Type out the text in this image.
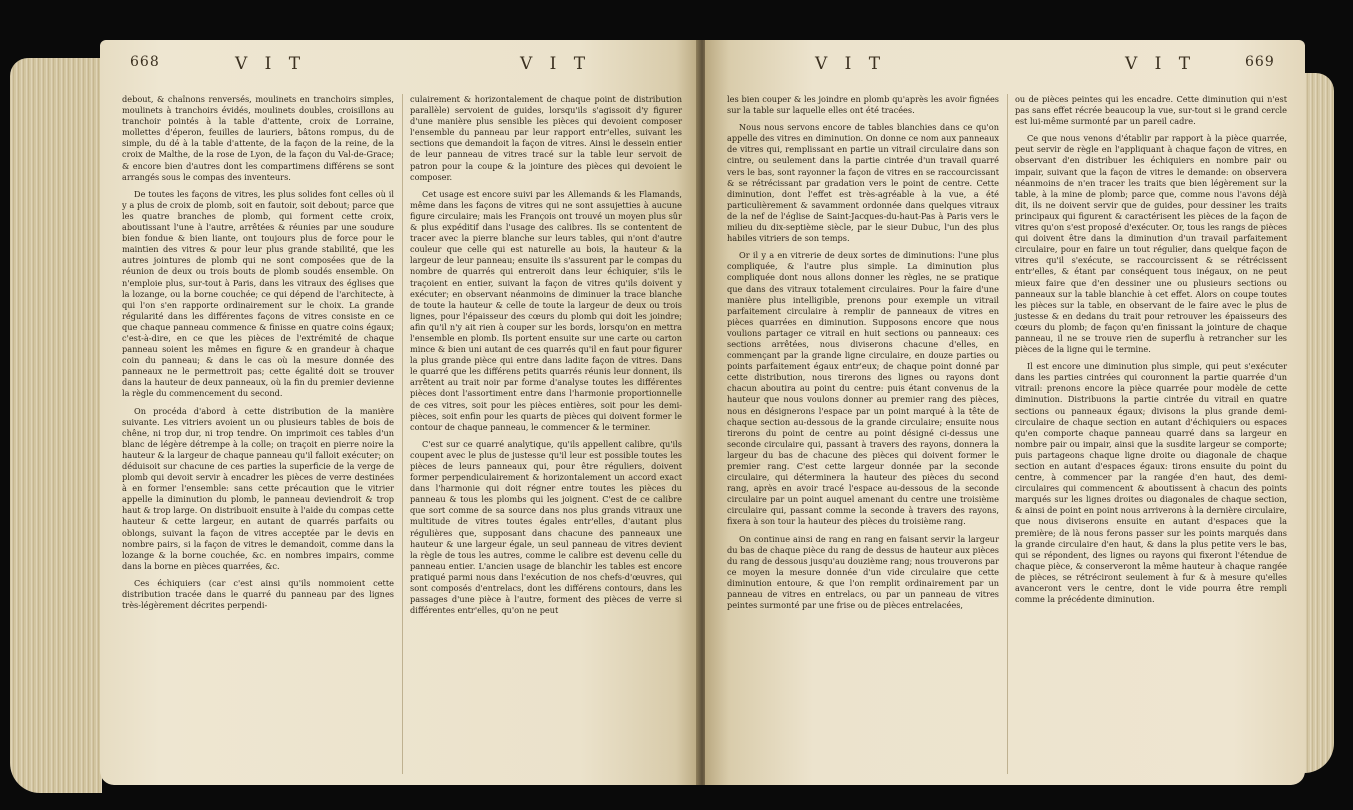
668	V I T	V I T

debout, & chaînons renversés, moulinets en tranchoirs simples, moulinets à tranchoirs évidés, moulinets doubles, croisillons au tranchoir pointés à la table d'attente, croix de Lorraine, mollettes d'éperon, feuilles de lauriers, bâtons rompus, du de simple, du dé à la table d'attente, de la façon de la reine, de la croix de Malthe, de la rose de Lyon, de la façon du Val-de-Grace; & encore bien d'autres dont les compartimens différens se sont arrangés sous le compas des inventeurs.

De toutes les façons de vitres, les plus solides font celles où il y a plus de croix de plomb, soit en fautoir, soit debout; parce que les quatre branches de plomb, qui forment cette croix, aboutissant l'une à l'autre, arrêtées & réunies par une soudure bien fondue & bien liante, ont toujours plus de force pour le maintien des vitres & pour leur plus grande stabilité, que les autres jointures de plomb qui ne sont composées que de la réunion de deux ou trois bouts de plomb soudés ensemble. On n'emploie plus, sur-tout à Paris, dans les vitraux des églises que la lozange, ou la borne couchée; ce qui dépend de l'architecte, à qui l'on s'en rapporte ordinairement sur le choix. La grande régularité dans les différentes façons de vitres consiste en ce que chaque panneau commence & finisse en quatre coins égaux; c'est-à-dire, en ce que les pièces de l'extrémité de chaque panneau soient les mêmes en figure & en grandeur à chaque coin du panneau; & dans le cas où la mesure donnée des panneaux ne le permettroit pas; cette égalité doit se trouver dans la hauteur de deux panneaux, où la fin du premier devienne la règle du commencement du second.

On procéda d'abord à cette distribution de la manière suivante. Les vitriers avoient un ou plusieurs tables de bois de chêne, ni trop dur, ni trop tendre. On imprimoit ces tables d'un blanc de légère détrempe à la colle; on traçoit en pierre noire la hauteur & la largeur de chaque panneau qu'il falloit exécuter; on déduisoit sur chacune de ces parties la superficie de la verge de plomb qui devoit servir à encadrer les pièces de verre destinées à en former l'ensemble: sans cette précaution que le vitrier appelle la diminution du plomb, le panneau deviendroit & trop haut & trop large. On distribuoit ensuite à l'aide du compas cette hauteur & cette largeur, en autant de quarrés parfaits ou oblongs, suivant la façon de vitres acceptée par le devis en nombre pairs, si la façon de vitres le demandoit, comme dans la lozange & la borne couchée, &c. en nombres impairs, comme dans la borne en pièces quarrées, &c.

Ces échiquiers (car c'est ainsi qu'ils nommoient cette distribution tracée dans le quarré du panneau par des lignes très-légèrement décrites perpendi-

culairement & horizontalement de chaque point de distribution parallèle) servoient de guides, lorsqu'ils s'agissoit d'y figurer d'une manière plus sensible les pièces qui devoient composer l'ensemble du panneau par leur rapport entr'elles, suivant les sections que demandoit la façon de vitres. Ainsi le dessein entier de leur panneau de vitres tracé sur la table leur servoit de patron pour la coupe & la jointure des pièces qui devoient le composer.

Cet usage est encore suivi par les Allemands & les Flamands, même dans les façons de vitres qui ne sont assujetties à aucune figure circulaire; mais les François ont trouvé un moyen plus sûr & plus expéditif dans l'usage des calibres. Ils se contentent de tracer avec la pierre blanche sur leurs tables, qui n'ont d'autre couleur que celle qui est naturelle au bois, la hauteur & la largeur de leur panneau; ensuite ils s'assurent par le compas du nombre de quarrés qui entreroit dans leur échiquier, s'ils le traçoient en entier, suivant la façon de vitres qu'ils doivent y exécuter; en observant néanmoins de diminuer la trace blanche de toute la hauteur & celle de toute la largeur de deux ou trois lignes, pour l'épaisseur des cœurs du plomb qui doit les joindre; afin qu'il n'y ait rien à couper sur les bords, lorsqu'on en mettra l'ensemble en plomb. Ils portent ensuite sur une carte ou carton mince & bien uni autant de ces quarrés qu'il en faut pour figurer la plus grande pièce qui entre dans ladite façon de vitres. Dans le quarré que les différens petits quarrés réunis leur donnent, ils arrêtent au trait noir par forme d'analyse toutes les différentes pièces dont l'assortiment entre dans l'harmonie proportionnelle de ces vitres, soit pour les pièces entières, soit pour les demi-pièces, soit enfin pour les quarts de pièces qui doivent former le contour de chaque panneau, le commencer & le terminer.

C'est sur ce quarré analytique, qu'ils appellent calibre, qu'ils coupent avec le plus de justesse qu'il leur est possible toutes les pièces de leurs panneaux qui, pour être réguliers, doivent former perpendiculairement & horizontalement un accord exact dans l'harmonie qui doit régner entre toutes les pièces du panneau & tous les plombs qui les joignent. C'est de ce calibre que sort comme de sa source dans nos plus grands vitraux une multitude de vitres toutes égales entr'elles, d'autant plus régulières que, supposant dans chacune des panneaux une hauteur & une largeur égale, un seul panneau de vitres devient la règle de tous les autres, comme le calibre est devenu celle du panneau entier. L'ancien usage de blanchir les tables est encore pratiqué parmi nous dans l'exécution de nos chefs-d'œuvres, qui sont composés d'entrelacs, dont les différens contours, dans les passages d'une pièce à l'autre, forment des pièces de verre si différentes entr'elles, qu'on ne peut

V I T	V I T	669

les bien couper & les joindre en plomb qu'après les avoir fignées sur la table sur laquelle elles ont été tracées.

Nous nous servons encore de tables blanchies dans ce qu'on appelle des vitres en diminution. On donne ce nom aux panneaux de vitres qui, remplissant en partie un vitrail circulaire dans son cintre, ou seulement dans la partie cintrée d'un travail quarré vers le bas, sont rayonner la façon de vitres en se raccourcissant & se rétrécissant par gradation vers le point de centre. Cette diminution, dont l'effet est très-agréable à la vue, a été particulièrement & savamment ordonnée dans quelques vitraux de la nef de l'église de Saint-Jacques-du-haut-Pas à Paris vers le milieu du dix-septième siècle, par le sieur Dubuc, l'un des plus habiles vitriers de son temps.

Or il y a en vitrerie de deux sortes de diminutions: l'une plus compliquée, & l'autre plus simple. La diminution plus compliquée dont nous allons donner les règles, ne se pratique que dans des vitraux totalement circulaires. Pour la faire d'une manière plus intelligible, prenons pour exemple un vitrail parfaitement circulaire à remplir de panneaux de vitres en pièces quarrées en diminution. Supposons encore que nous voulions partager ce vitrail en huit sections ou panneaux: ces sections arrêtées, nous diviserons chacune d'elles, en commençant par la grande ligne circulaire, en douze parties ou points parfaitement égaux entr'eux; de chaque point donné par cette distribution, nous tirerons des lignes ou rayons dont chacun aboutira au point du centre: puis étant convenus de la hauteur que nous voulons donner au premier rang des pièces, nous en désignerons l'espace par un point marqué à la tête de chaque section au-dessous de la grande circulaire; ensuite nous tirerons du point de centre au point désigné ci-dessus une seconde circulaire qui, passant à travers des rayons, donnera la largeur du bas de chacune des pièces qui doivent former le premier rang. C'est cette largeur donnée par la seconde circulaire, qui déterminera la hauteur des pièces du second rang, après en avoir tracé l'espace au-dessous de la seconde circulaire par un point auquel amenant du centre une troisième circulaire qui, passant comme la seconde à travers des rayons, fixera à son tour la hauteur des pièces du troisième rang.

On continue ainsi de rang en rang en faisant servir la largeur du bas de chaque pièce du rang de dessus de hauteur aux pièces du rang de dessous jusqu'au douzième rang; nous trouverons par ce moyen la mesure donnée d'un vide circulaire que cette diminution entoure, & que l'on remplit ordinairement par un panneau de vitres en entrelacs, ou par un panneau de vitres peintes surmonté par une frise ou de pièces entrelacées,

ou de pièces peintes qui les encadre. Cette diminution qui n'est pas sans effet récrée beaucoup la vue, sur-tout si le grand cercle est lui-même surmonté par un pareil cadre.

Ce que nous venons d'établir par rapport à la pièce quarrée, peut servir de règle en l'appliquant à chaque façon de vitres, en observant d'en distribuer les échiquiers en nombre pair ou impair, suivant que la façon de vitres le demande: on observera néanmoins de n'en tracer les traits que bien légèrement sur la table, à la mine de plomb; parce que, comme nous l'avons déjà dit, ils ne doivent servir que de guides, pour dessiner les traits principaux qui figurent & caractérisent les pièces de la façon de vitres qu'on s'est proposé d'exécuter. Or, tous les rangs de pièces qui doivent être dans la diminution d'un travail parfaitement circulaire, pour en faire un tout régulier, dans quelque façon de vitres qu'il s'exécute, se raccourcissent & se rétrécissent entr'elles, & étant par conséquent tous inégaux, on ne peut mieux faire que d'en dessiner une ou plusieurs sections ou panneaux sur la table blanchie à cet effet. Alors on coupe toutes les pièces sur la table, en observant de le faire avec le plus de justesse & en dedans du trait pour retrouver les épaisseurs des cœurs du plomb; de façon qu'en finissant la jointure de chaque panneau, il ne se trouve rien de superflu à retrancher sur les pièces de la ligne qui le termine.

Il est encore une diminution plus simple, qui peut s'exécuter dans les parties cintrées qui couronnent la partie quarrée d'un vitrail: prenons encore la pièce quarrée pour modèle de cette diminution. Distribuons la partie cintrée du vitrail en quatre sections ou panneaux égaux; divisons la plus grande demi-circulaire de chaque section en autant d'échiquiers ou espaces qu'en comporte chaque panneau quarré dans sa largeur en nombre pair ou impair, ainsi que la susdite largeur se comporte; puis partageons chaque ligne droite ou diagonale de chaque section en autant d'espaces égaux: tirons ensuite du point du centre, à commencer par la rangée d'en haut, des demi-circulaires qui commencent & aboutissent à chacun des points marqués sur les lignes droites ou diagonales de chaque section, & ainsi de point en point nous arriverons à la dernière circulaire, que nous diviserons ensuite en autant d'espaces que la première; de là nous ferons passer sur les points marqués dans la grande circulaire d'en haut, & dans la plus petite vers le bas, qui se répondent, des lignes ou rayons qui fixeront l'étendue de chaque pièce, & conserveront la même hauteur à chaque rangée de pièces, se rétréciront seulement à fur & à mesure qu'elles avanceront vers le centre, dont le vide pourra être rempli comme la précédente diminution.
